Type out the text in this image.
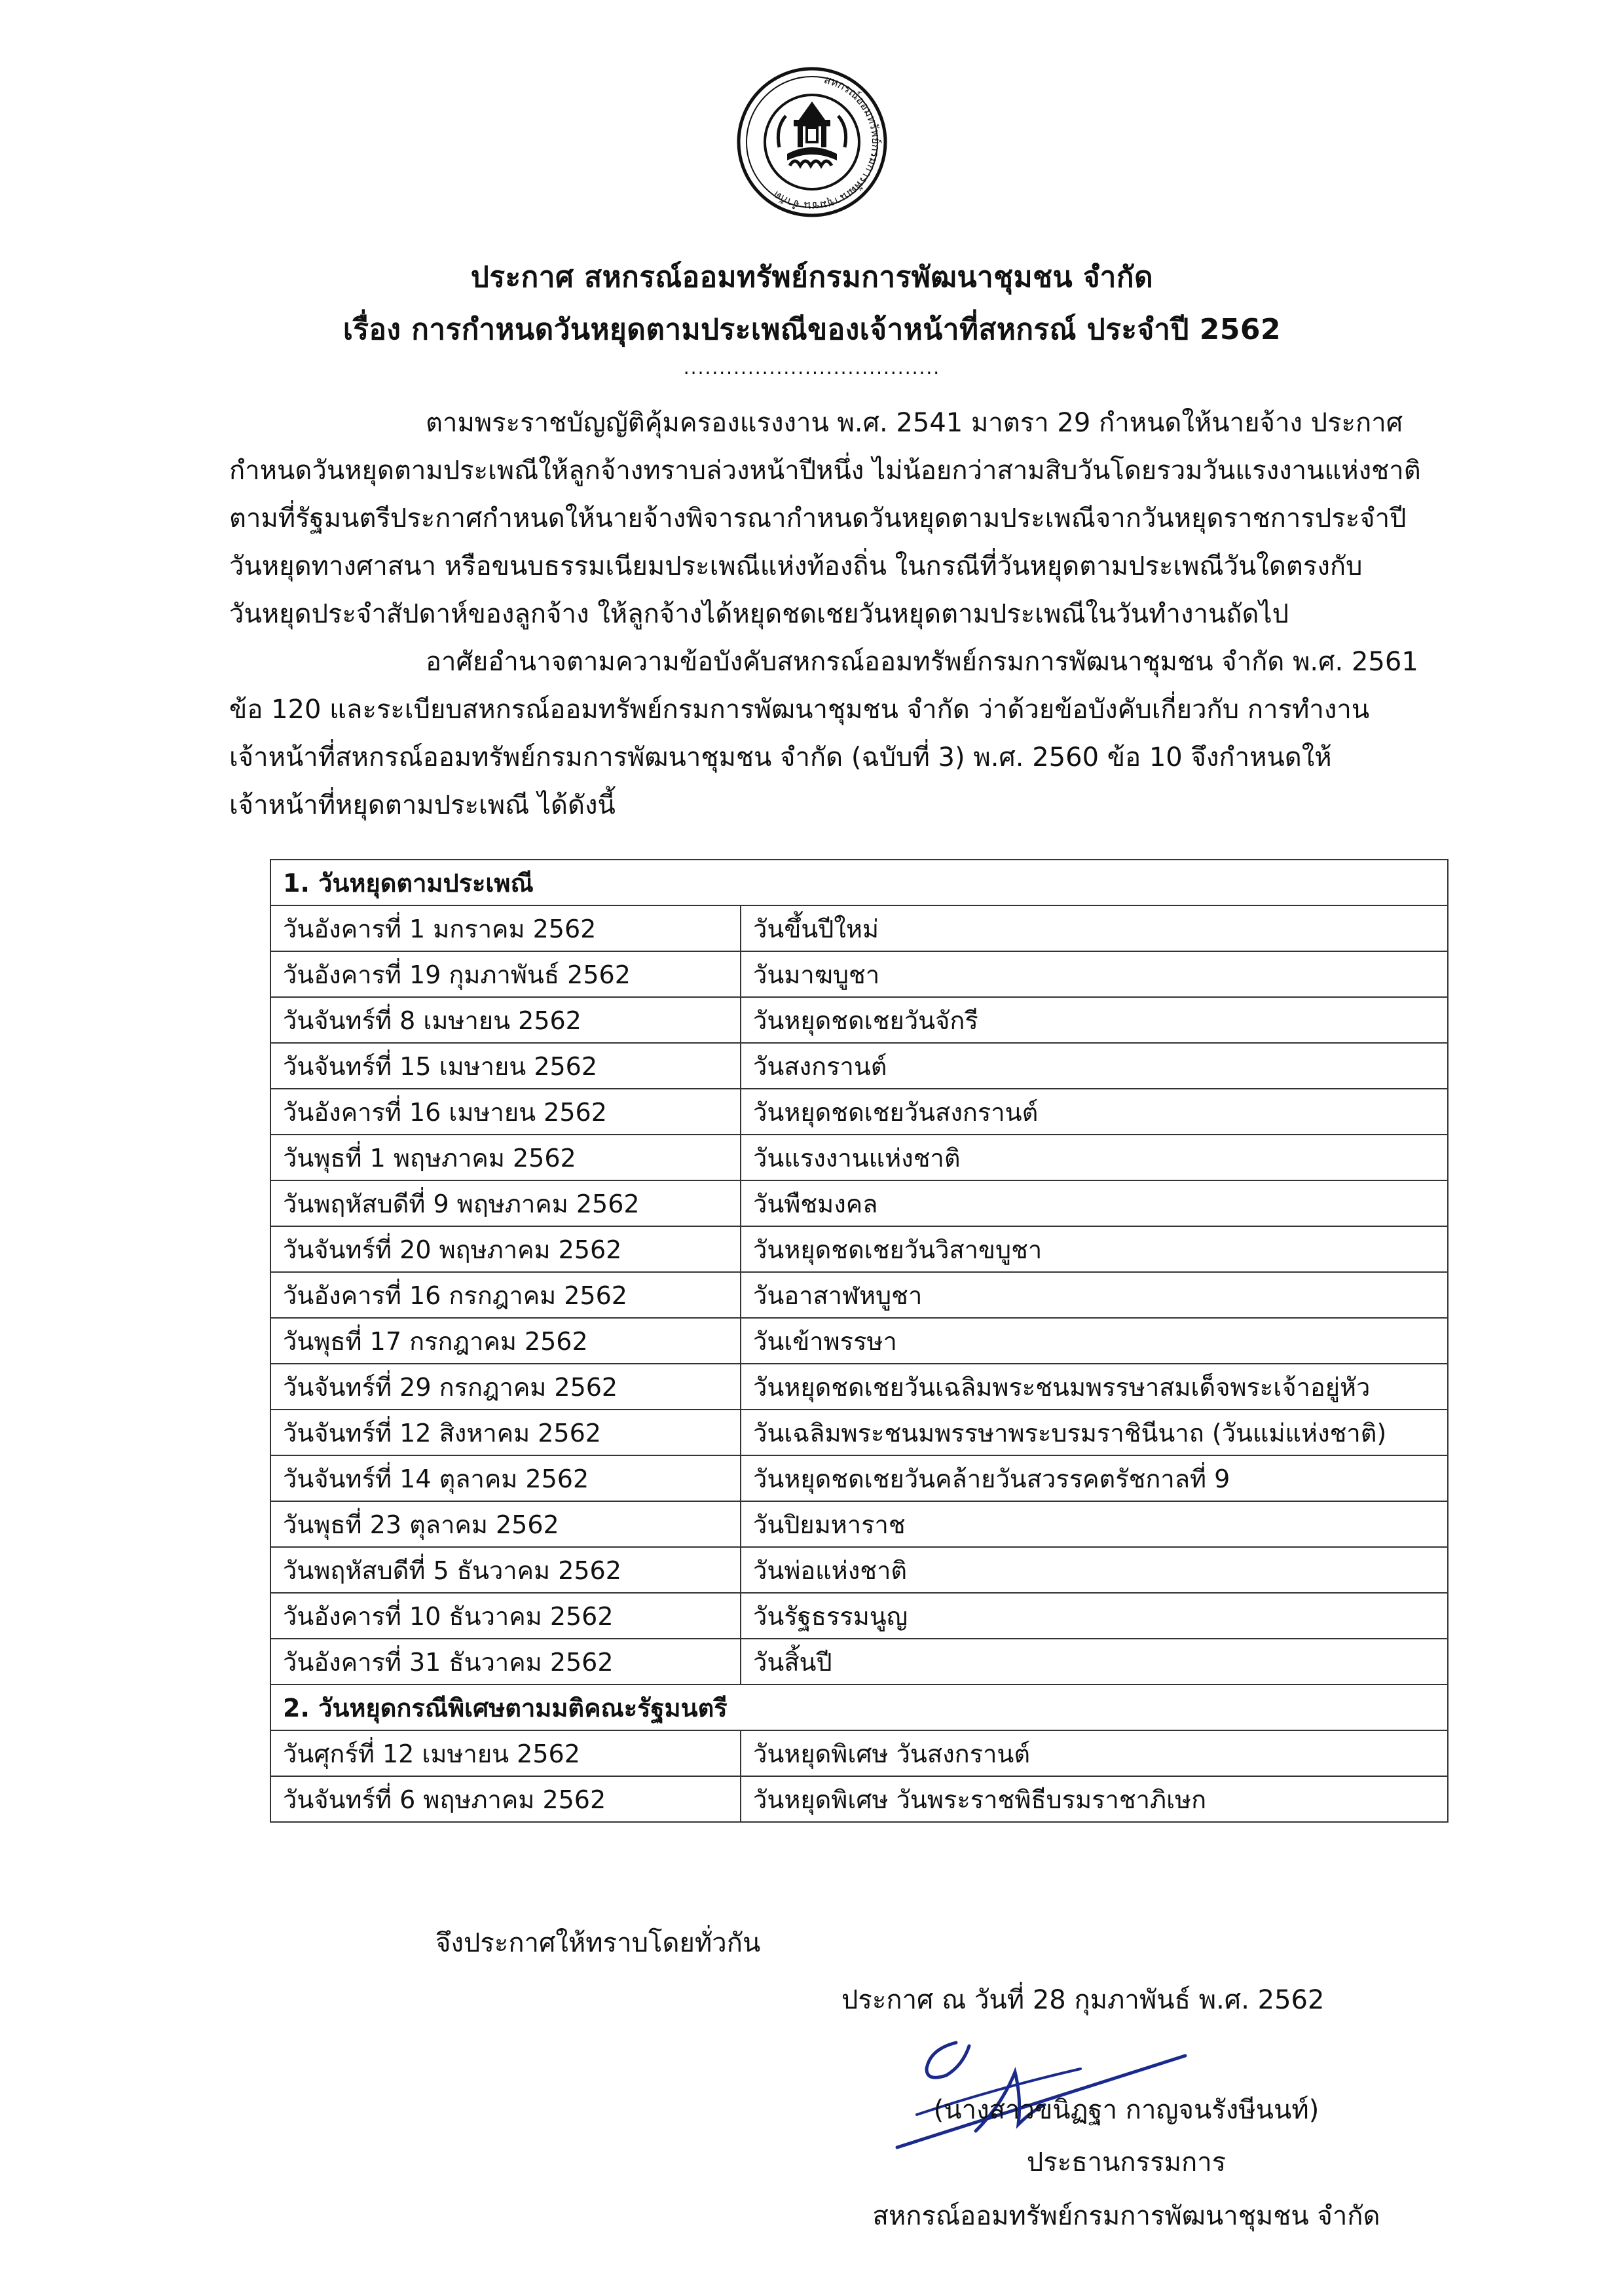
สหกรณ์ออมทรัพย์กรมการพัฒนาชุมชน จำกัด
ประกาศ สหกรณ์ออมทรัพย์กรมการพัฒนาชุมชน จำกัด
เรื่อง การกำหนดวันหยุดตามประเพณีของเจ้าหน้าที่สหกรณ์ ประจำปี 2562
....................................
ตามพระราชบัญญัติคุ้มครองแรงงาน พ.ศ. 2541 มาตรา 29 กำหนดให้นายจ้าง ประกาศ
กำหนดวันหยุดตามประเพณีให้ลูกจ้างทราบล่วงหน้าปีหนึ่ง ไม่น้อยกว่าสามสิบวันโดยรวมวันแรงงานแห่งชาติ
ตามที่รัฐมนตรีประกาศกำหนดให้นายจ้างพิจารณากำหนดวันหยุดตามประเพณีจากวันหยุดราชการประจำปี
วันหยุดทางศาสนา หรือขนบธรรมเนียมประเพณีแห่งท้องถิ่น ในกรณีที่วันหยุดตามประเพณีวันใดตรงกับ
วันหยุดประจำสัปดาห์ของลูกจ้าง ให้ลูกจ้างได้หยุดชดเชยวันหยุดตามประเพณีในวันทำงานถัดไป
อาศัยอำนาจตามความข้อบังคับสหกรณ์ออมทรัพย์กรมการพัฒนาชุมชน จำกัด พ.ศ. 2561
ข้อ 120 และระเบียบสหกรณ์ออมทรัพย์กรมการพัฒนาชุมชน จำกัด ว่าด้วยข้อบังคับเกี่ยวกับ การทำงาน
เจ้าหน้าที่สหกรณ์ออมทรัพย์กรมการพัฒนาชุมชน จำกัด (ฉบับที่ 3) พ.ศ. 2560 ข้อ 10 จึงกำหนดให้
เจ้าหน้าที่หยุดตามประเพณี ได้ดังนี้
1. วันหยุดตามประเพณี	
วันอังคารที่ 1 มกราคม 2562	วันขึ้นปีใหม่
วันอังคารที่ 19 กุมภาพันธ์ 2562	วันมาฆบูชา
วันจันทร์ที่ 8 เมษายน 2562	วันหยุดชดเชยวันจักรี
วันจันทร์ที่ 15 เมษายน 2562	วันสงกรานต์
วันอังคารที่ 16 เมษายน 2562	วันหยุดชดเชยวันสงกรานต์
วันพุธที่ 1 พฤษภาคม 2562	วันแรงงานแห่งชาติ
วันพฤหัสบดีที่ 9 พฤษภาคม 2562	วันพืชมงคล
วันจันทร์ที่ 20 พฤษภาคม 2562	วันหยุดชดเชยวันวิสาขบูชา
วันอังคารที่ 16 กรกฎาคม 2562	วันอาสาฬหบูชา
วันพุธที่ 17 กรกฎาคม 2562	วันเข้าพรรษา
วันจันทร์ที่ 29 กรกฎาคม 2562	วันหยุดชดเชยวันเฉลิมพระชนมพรรษาสมเด็จพระเจ้าอยู่หัว
วันจันทร์ที่ 12 สิงหาคม 2562	วันเฉลิมพระชนมพรรษาพระบรมราชินีนาถ (วันแม่แห่งชาติ)
วันจันทร์ที่ 14 ตุลาคม 2562	วันหยุดชดเชยวันคล้ายวันสวรรคตรัชกาลที่ 9
วันพุธที่ 23 ตุลาคม 2562	วันปิยมหาราช
วันพฤหัสบดีที่ 5 ธันวาคม 2562	วันพ่อแห่งชาติ
วันอังคารที่ 10 ธันวาคม 2562	วันรัฐธรรมนูญ
วันอังคารที่ 31 ธันวาคม 2562	วันสิ้นปี
2. วันหยุดกรณีพิเศษตามมติคณะรัฐมนตรี	
วันศุกร์ที่ 12 เมษายน 2562	วันหยุดพิเศษ วันสงกรานต์
วันจันทร์ที่ 6 พฤษภาคม 2562	วันหยุดพิเศษ วันพระราชพิธีบรมราชาภิเษก
จึงประกาศให้ทราบโดยทั่วกัน
ประกาศ ณ วันที่ 28 กุมภาพันธ์ พ.ศ. 2562
(นางสาวขนิฏฐา กาญจนรังษีนนท์)
ประธานกรรมการ
สหกรณ์ออมทรัพย์กรมการพัฒนาชุมชน จำกัด
